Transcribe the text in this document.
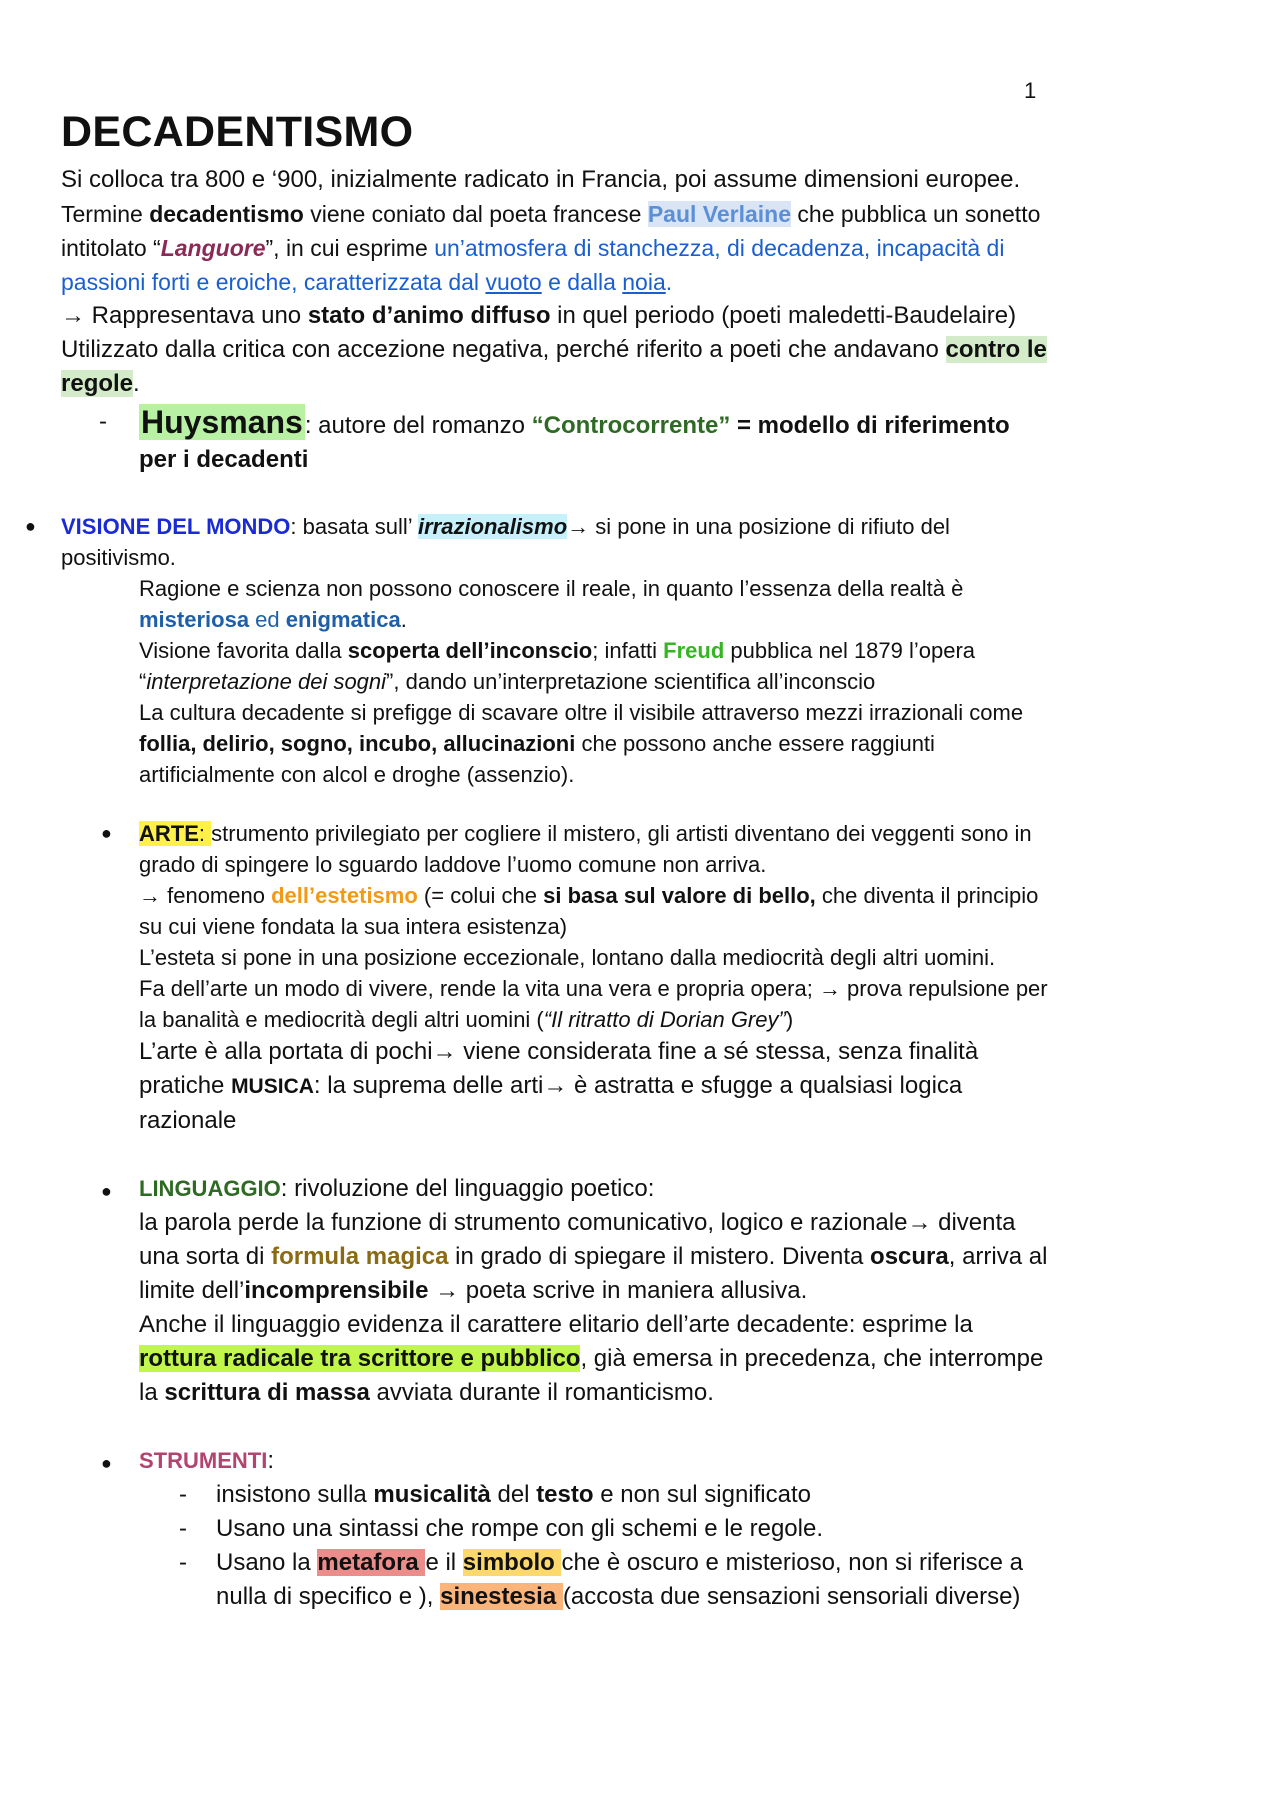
1
DECADENTISMO

Si colloca tra 800 e ‘900, inizialmente radicato in Francia, poi assume dimensioni europee.

Termine decadentismo viene coniato dal poeta francese Paul Verlaine che pubblica un sonetto intitolato “Languore”, in cui esprime un’atmosfera di stanchezza, di decadenza, incapacità di passioni forti e eroiche, caratterizzata dal vuoto e dalla noia.

→ Rappresentava uno stato d’animo diffuso in quel periodo (poeti maledetti-Baudelaire)

Utilizzato dalla critica con accezione negativa, perché riferito a poeti che andavano contro le regole.

- Huysmans: autore del romanzo “Controcorrente” = modello di riferimento per i decadenti

● VISIONE DEL MONDO: basata sull’ irrazionalismo→ si pone in una posizione di rifiuto del positivismo.

Ragione e scienza non possono conoscere il reale, in quanto l’essenza della realtà è misteriosa ed enigmatica.

Visione favorita dalla scoperta dell’inconscio; infatti Freud pubblica nel 1879 l’opera “interpretazione dei sogni”, dando un’interpretazione scientifica all’inconscio

La cultura decadente si prefigge di scavare oltre il visibile attraverso mezzi irrazionali come follia, delirio, sogno, incubo, allucinazioni che possono anche essere raggiunti artificialmente con alcol e droghe (assenzio).

● ARTE: strumento privilegiato per cogliere il mistero, gli artisti diventano dei veggenti sono in grado di spingere lo sguardo laddove l’uomo comune non arriva.

→ fenomeno dell’estetismo (= colui che si basa sul valore di bello, che diventa il principio su cui viene fondata la sua intera esistenza)

L’esteta si pone in una posizione eccezionale, lontano dalla mediocrità degli altri uomini.

Fa dell’arte un modo di vivere, rende la vita una vera e propria opera; → prova repulsione per la banalità e mediocrità degli altri uomini (“Il ritratto di Dorian Grey”)

L’arte è alla portata di pochi→ viene considerata fine a sé stessa, senza finalità pratiche MUSICA: la suprema delle arti→ è astratta e sfugge a qualsiasi logica razionale

● LINGUAGGIO: rivoluzione del linguaggio poetico:

la parola perde la funzione di strumento comunicativo, logico e razionale→ diventa una sorta di formula magica in grado di spiegare il mistero. Diventa oscura, arriva al limite dell’incomprensibile → poeta scrive in maniera allusiva.

Anche il linguaggio evidenza il carattere elitario dell’arte decadente: esprime la rottura radicale tra scrittore e pubblico, già emersa in precedenza, che interrompe la scrittura di massa avviata durante il romanticismo.

● STRUMENTI:

- insistono sulla musicalità del testo e non sul significato

- Usano una sintassi che rompe con gli schemi e le regole.

- Usano la metafora e il simbolo che è oscuro e misterioso, non si riferisce a nulla di specifico e ), sinestesia (accosta due sensazioni sensoriali diverse)
